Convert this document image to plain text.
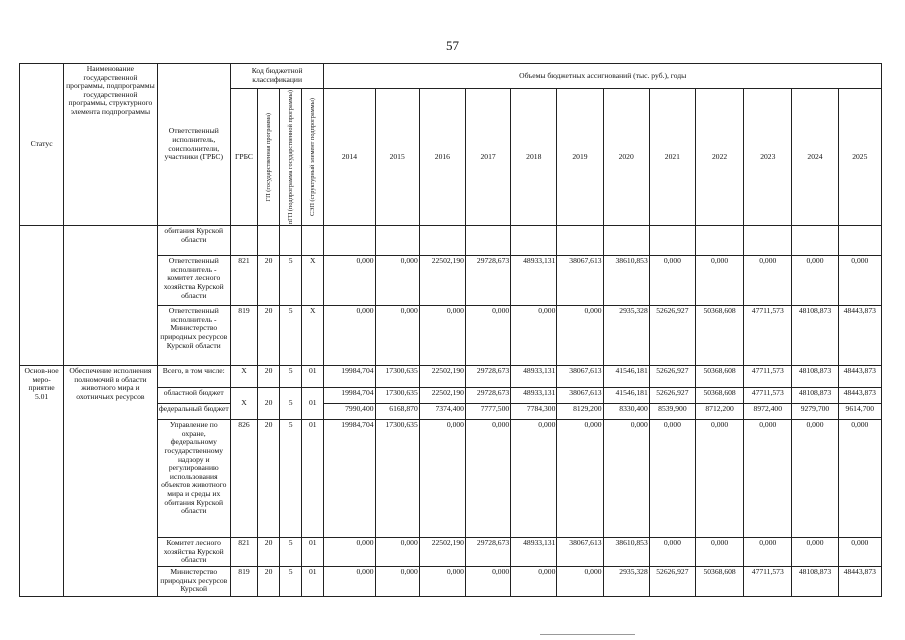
57
Статус	Наименование государственной программы, подпрограммы государственной программы, структурного элемента подпрограммы	Ответственный исполнитель, соисполнители, участники (ГРБС)	Код бюджетной классификации				Объемы бюджетных ассигнований (тыс. руб.), годы											
			ГРБС	ГП (государственная программа)	пГП (подпрограмма государственной программы)	СЭП (структурный элемент подпрограммы)	2014	2015	2016	2017	2018	2019	2020	2021	2022	2023	2024	2025
		обитания Курской области																
		Ответственный исполнитель - комитет лесного хозяйства Курской области	821	20	5	Х	0,000	0,000	22502,190	29728,673	48933,131	38067,613	38610,853	0,000	0,000	0,000	0,000	0,000
		Ответственный исполнитель - Министерство природных ресурсов Курской области	819	20	5	Х	0,000	0,000	0,000	0,000	0,000	0,000	2935,328	52626,927	50368,608	47711,573	48108,873	48443,873
Основ-ное меро-приятие 5.01	Обеспечение исполнения полномочий в области животного мира и охотничьих ресурсов	Всего, в том числе:	Х	20	5	01	19984,704	17300,635	22502,190	29728,673	48933,131	38067,613	41546,181	52626,927	50368,608	47711,573	48108,873	48443,873
		областной бюджет	Х	20	5	01	19984,704	17300,635	22502,190	29728,673	48933,131	38067,613	41546,181	52626,927	50368,608	47711,573	48108,873	48443,873
		федеральный бюджет					7990,400	6168,870	7374,400	7777,500	7784,300	8129,200	8330,400	8539,900	8712,200	8972,400	9279,700	9614,700
		Управление по охране, федеральному государственному надзору и регулированию использования объектов животного мира и среды их обитания Курской области	826	20	5	01	19984,704	17300,635	0,000	0,000	0,000	0,000	0,000	0,000	0,000	0,000	0,000	0,000
		Комитет лесного хозяйства Курской области	821	20	5	01	0,000	0,000	22502,190	29728,673	48933,131	38067,613	38610,853	0,000	0,000	0,000	0,000	0,000
		Министерство природных ресурсов Курской	819	20	5	01	0,000	0,000	0,000	0,000	0,000	0,000	2935,328	52626,927	50368,608	47711,573	48108,873	48443,873
